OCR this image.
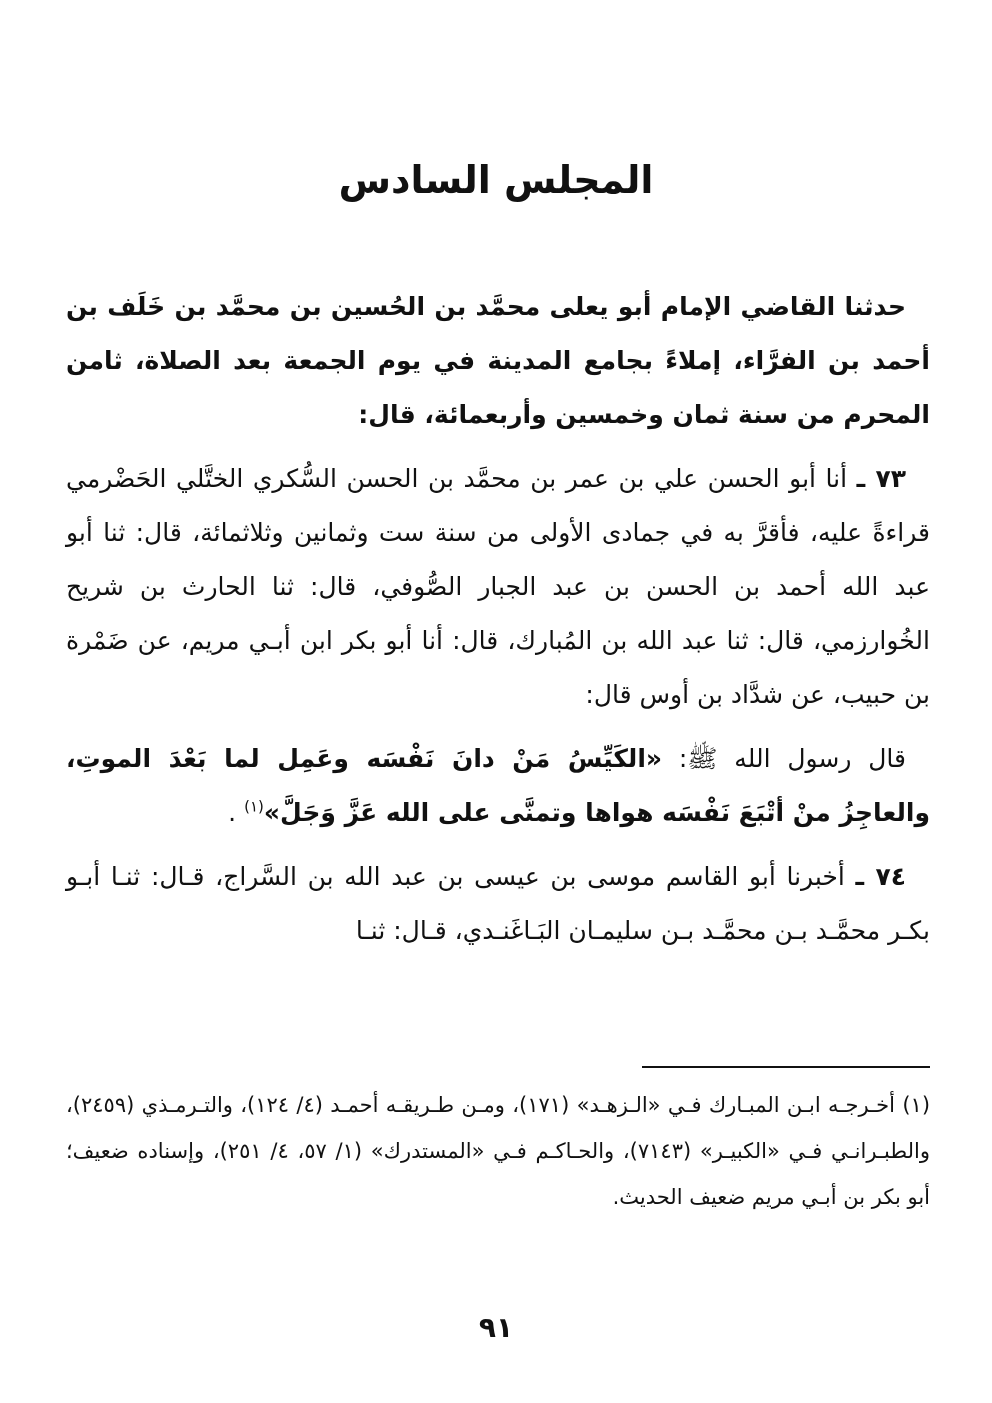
المجلس السادس

حدثنا القاضي الإمام أبو يعلى محمَّد بن الحُسين بن محمَّد بن خَلَف بن أحمد بن الفرَّاء، إملاءً بجامع المدينة في يوم الجمعة بعد الصلاة، ثامن المحرم من سنة ثمان وخمسين وأربعمائة، قال:

٧٣ ـ أنا أبو الحسن علي بن عمر بن محمَّد بن الحسن السُّكري الختَّلي الحَضْرمي قراءةً عليه، فأقرَّ به في جمادى الأولى من سنة ست وثمانين وثلاثمائة، قال: ثنا أبو عبد الله أحمد بن الحسن بن عبد الجبار الصُّوفي، قال: ثنا الحارث بن شريح الخُوارزمي، قال: ثنا عبد الله بن المُبارك، قال: أنا أبو بكر ابن أبـي مريم، عن ضَمْرة بن حبيب، عن شدَّاد بن أوس قال:

قال رسول الله ﷺ: «الكَيِّسُ مَنْ دانَ نَفْسَه وعَمِل لما بَعْدَ الموتِ، والعاجِزُ منْ أتْبَعَ نَفْسَه هواها وتمنَّى على الله عَزَّ وَجَلَّ»$^{(١)}$ .

٧٤ ـ أخبرنا أبو القاسم موسى بن عيسى بن عبد الله بن السَّراج، قـال: ثنـا أبـو بكـر محمَّـد بـن محمَّـد بـن سليمـان البَـاغَنـدي، قـال: ثنـا

(١) أخـرجـه ابـن المبـارك فـي «الـزهـد» (١٧١)، ومـن طـريقـه أحمـد (٤/ ١٢٤)، والتـرمـذي (٢٤٥٩)، والطبـرانـي فـي «الكبيـر» (٧١٤٣)، والحـاكـم فـي «المستدرك» (١/ ٥٧، ٤/ ٢٥١)، وإسناده ضعيف؛ أبو بكر بن أبـي مريم ضعيف الحديث.

٩١
